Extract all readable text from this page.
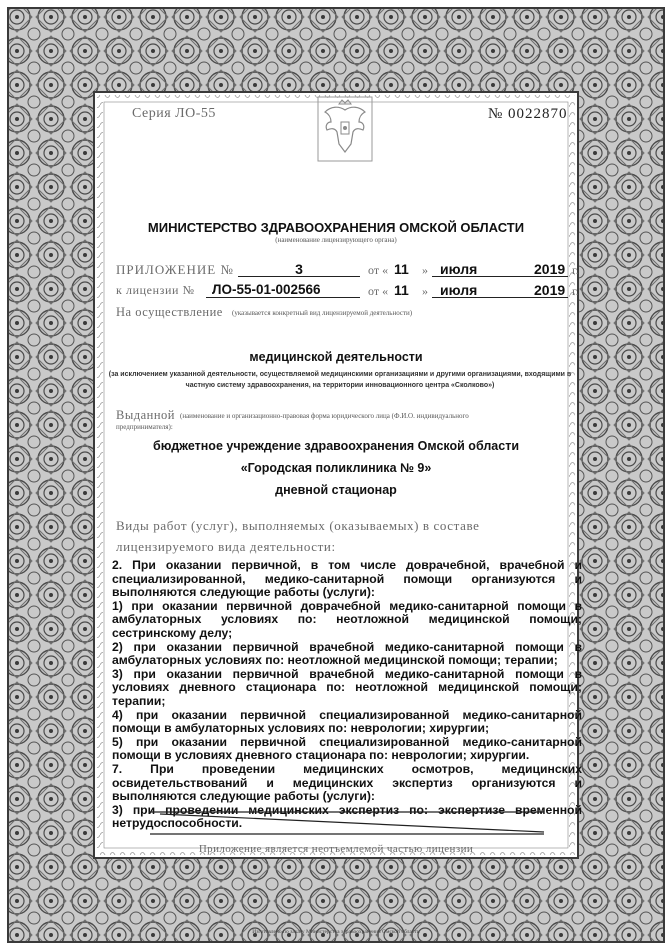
Серия ЛО-55	№ 0022870
МИНИСТЕРСТВО ЗДРАВООХРАНЕНИЯ ОМСКОЙ ОБЛАСТИ
(наименование лицензирующего органа)
ПРИЛОЖЕНИЕ №	3	от « 11 » июля	2019 г.
к лицензии № ЛО-55-01-002566	от « 11 » июля	2019 г.
На осуществление (указывается конкретный вид лицензируемой деятельности)
медицинской деятельности
(за исключением указанной деятельности, осуществляемой медицинскими организациями и другими организациями, входящими в
частную систему здравоохранения, на территории инновационного центра «Сколково»)
Выданной (наименование и организационно-правовая форма юридического лица (Ф.И.О. индивидуального
предпринимателя):
бюджетное учреждение здравоохранения Омской области
«Городская поликлиника № 9»
дневной стационар
Виды работ (услуг), выполняемых (оказываемых) в составе
лицензируемого вида деятельности:

2. При оказании первичной, в том числе доврачебной, врачебной и специализированной, медико-санитарной помощи организуются и выполняются следующие работы (услуги):

1) при оказании первичной доврачебной медико-санитарной помощи в амбулаторных условиях по: неотложной медицинской помощи; сестринскому делу;

2) при оказании первичной врачебной медико-санитарной помощи в амбулаторных условиях по: неотложной медицинской помощи; терапии;

3) при оказании первичной врачебной медико-санитарной помощи в условиях дневного стационара по: неотложной медицинской помощи; терапии;

4) при оказании первичной специализированной медико-санитарной помощи в амбулаторных условиях по: неврологии; хирургии;

5) при оказании первичной специализированной медико-санитарной помощи в условиях дневного стационара по: неврологии; хирургии.

7. При проведении медицинских осмотров, медицинских освидетельствований и медицинских экспертиз организуются и выполняются следующие работы (услуги):

3) при проведении медицинских экспертиз по: экспертизе временной нетрудоспособности.

Приложение является неотъемлемой частью лицензии
Изготовлено по заказу Министерства здравоохранения Омской области
